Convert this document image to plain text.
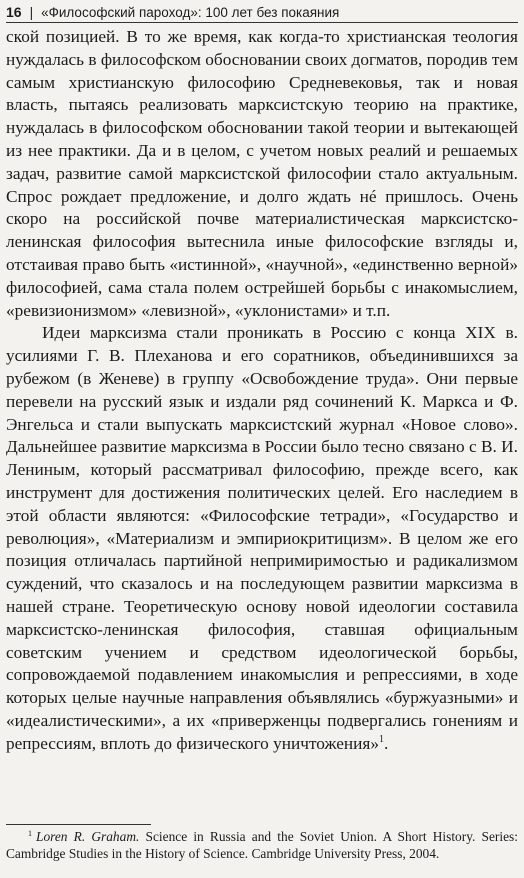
16 | «Философский пароход»: 100 лет без покаяния

ской позицией. В то же время, как когда-то христианская теология нуждалась в философском обосновании своих догматов, породив тем самым христианскую философию Средневековья, так и новая власть, пытаясь реализовать марксистскую теорию на практике, нуждалась в философском обосновании такой теории и вытекающей из нее практики. Да и в целом, с учетом новых реалий и решаемых задач, развитие самой марксистской философии стало актуальным. Спрос рождает предложение, и долго ждать нé пришлось. Очень скоро на российской почве материалистическая марксистско-ленинская философия вытеснила иные философские взгляды и, отстаивая право быть «истинной», «научной», «единственно верной» философией, сама стала полем острейшей борьбы с инакомыслием, «ревизионизмом» «левизной», «уклонистами» и т.п.

Идеи марксизма стали проникать в Россию с конца XIX в. усилиями Г. В. Плеханова и его соратников, объединившихся за рубежом (в Женеве) в группу «Освобождение труда». Они первые перевели на русский язык и издали ряд сочинений К. Маркса и Ф. Энгельса и стали выпускать марксистский журнал «Новое слово». Дальнейшее развитие марксизма в России было тесно связано с В. И. Лениным, который рассматривал философию, прежде всего, как инструмент для достижения политических целей. Его наследием в этой области являются: «Философские тетради», «Государство и революция», «Материализм и эмпириокритицизм». В целом же его позиция отличалась партийной непримиримостью и радикализмом суждений, что сказалось и на последующем развитии марксизма в нашей стране. Теоретическую основу новой идеологии составила марксистско-ленинская философия, ставшая официальным советским учением и средством идеологической борьбы, сопровождаемой подавлением инакомыслия и репрессиями, в ходе которых целые научные направления объявлялись «буржуазными» и «идеалистическими», а их «приверженцы подвергались гонениям и репрессиям, вплоть до физического уничтожения»$^1$.

$^1$ Loren R. Graham. Science in Russia and the Soviet Union. A Short History. Series: Cambridge Studies in the History of Science. Cambridge University Press, 2004.
